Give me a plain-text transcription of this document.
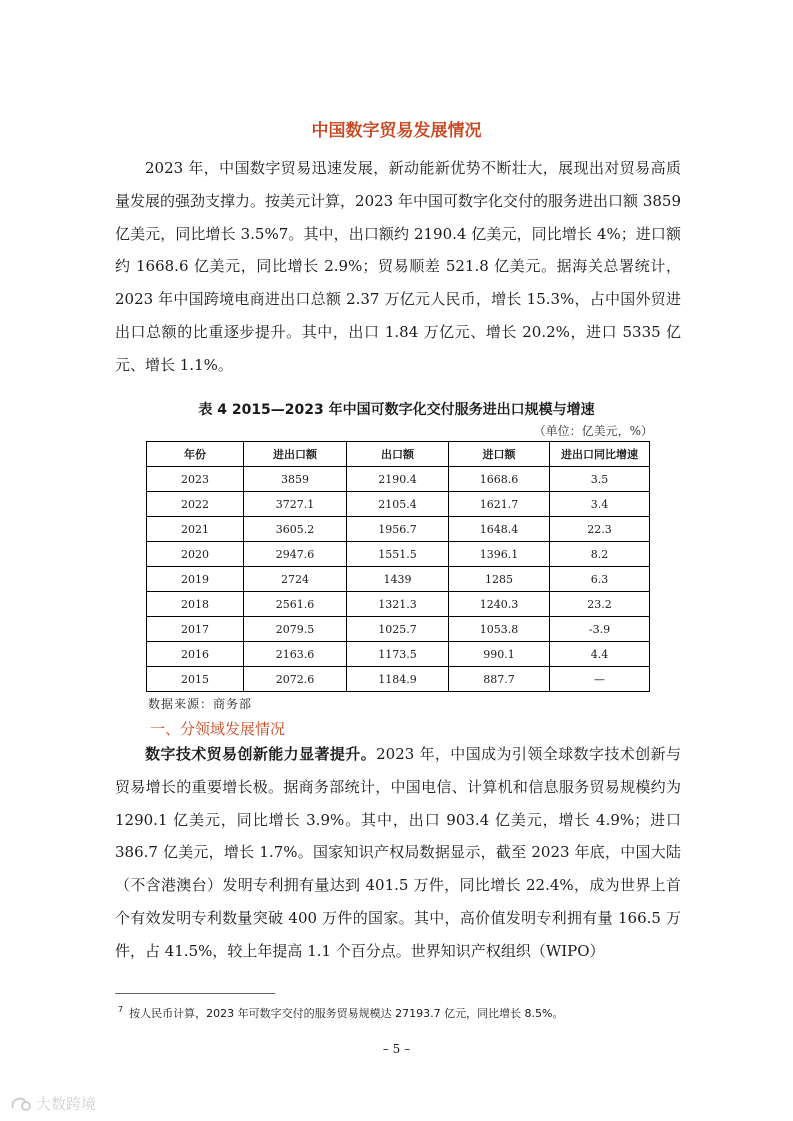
中国数字贸易发展情况

2023 年，中国数字贸易迅速发展，新动能新优势不断壮大，展现出对贸易高质量发展的强劲支撑力。按美元计算，2023 年中国可数字化交付的服务进出口额 3859 亿美元，同比增长 3.5%7。其中，出口额约 2190.4 亿美元，同比增长 4%；进口额约 1668.6 亿美元，同比增长 2.9%；贸易顺差 521.8 亿美元。据海关总署统计，2023 年中国跨境电商进出口总额 2.37 万亿元人民币，增长 15.3%，占中国外贸进出口总额的比重逐步提升。其中，出口 1.84 万亿元、增长 20.2%，进口 5335 亿元、增长 1.1%。

表 4 2015—2023 年中国可数字化交付服务进出口规模与增速
（单位：亿美元，%）
年份	进出口额	出口额	进口额	进出口同比增速
2023	3859	2190.4	1668.6	3.5
2022	3727.1	2105.4	1621.7	3.4
2021	3605.2	1956.7	1648.4	22.3
2020	2947.6	1551.5	1396.1	8.2
2019	2724	1439	1285	6.3
2018	2561.6	1321.3	1240.3	23.2
2017	2079.5	1025.7	1053.8	-3.9
2016	2163.6	1173.5	990.1	4.4
2015	2072.6	1184.9	887.7	—
数据来源：商务部
一、分领域发展情况

数字技术贸易创新能力显著提升。2023 年，中国成为引领全球数字技术创新与贸易增长的重要增长极。据商务部统计，中国电信、计算机和信息服务贸易规模约为 1290.1 亿美元，同比增长 3.9%。其中，出口 903.4 亿美元，增长 4.9%；进口 386.7 亿美元，增长 1.7%。国家知识产权局数据显示，截至 2023 年底，中国大陆（不含港澳台）发明专利拥有量达到 401.5 万件，同比增长 22.4%，成为世界上首个有效发明专利数量突破 400 万件的国家。其中，高价值发明专利拥有量 166.5 万件，占 41.5%，较上年提高 1.1 个百分点。世界知识产权组织（WIPO）

$^7$ 按人民币计算，2023 年可数字交付的服务贸易规模达 27193.7 亿元，同比增长 8.5%。
– 5 –
大数跨境
